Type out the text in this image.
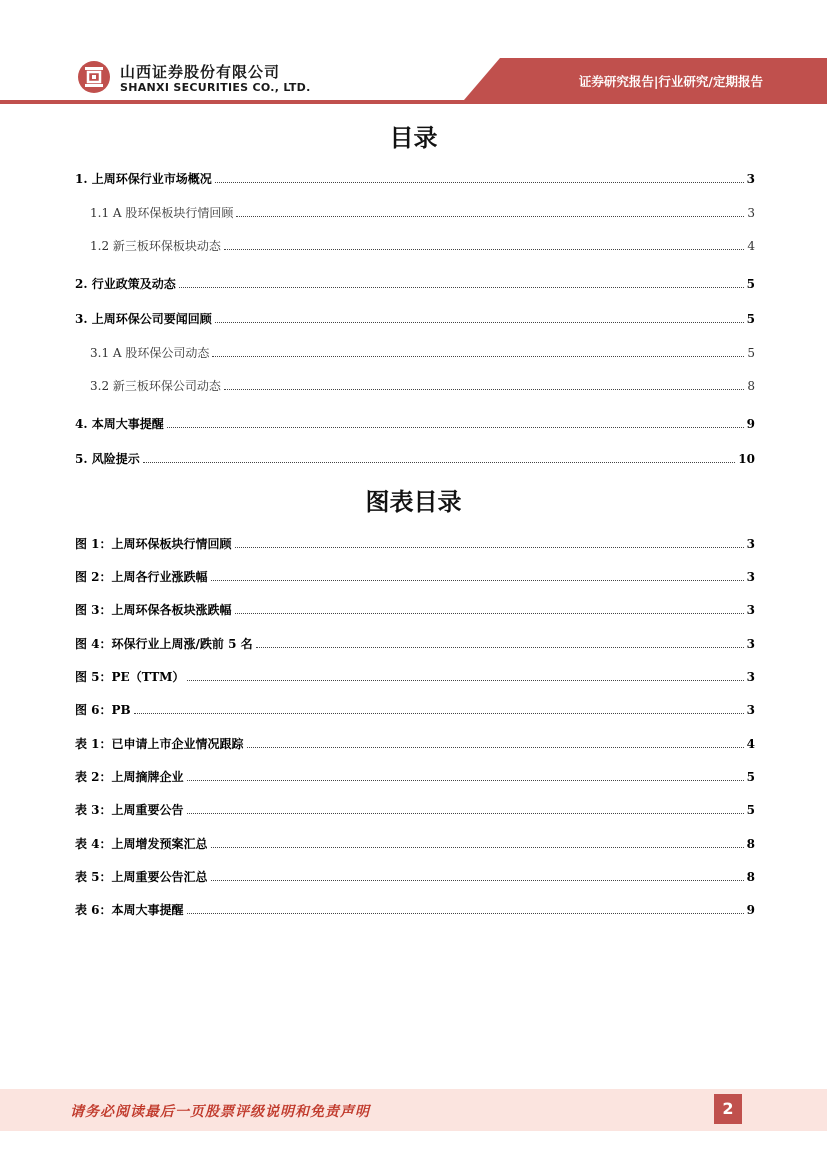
山西证券股份有限公司
SHANXI SECURITIES CO., LTD.	证券研究报告|行业研究/定期报告
目录
1. 上周环保行业市场概况	3
1.1 A 股环保板块行情回顾	3
1.2 新三板环保板块动态	4
2. 行业政策及动态	5
3. 上周环保公司要闻回顾	5
3.1 A 股环保公司动态	5
3.2 新三板环保公司动态	8
4. 本周大事提醒	9
5. 风险提示	10
图表目录
图 1：上周环保板块行情回顾	3
图 2：上周各行业涨跌幅	3
图 3：上周环保各板块涨跌幅	3
图 4：环保行业上周涨/跌前 5 名	3
图 5：PE（TTM）	3
图 6：PB	3
表 1：已申请上市企业情况跟踪	4
表 2：上周摘牌企业	5
表 3：上周重要公告	5
表 4：上周增发预案汇总	8
表 5：上周重要公告汇总	8
表 6：本周大事提醒	9
请务必阅读最后一页股票评级说明和免责声明	2
